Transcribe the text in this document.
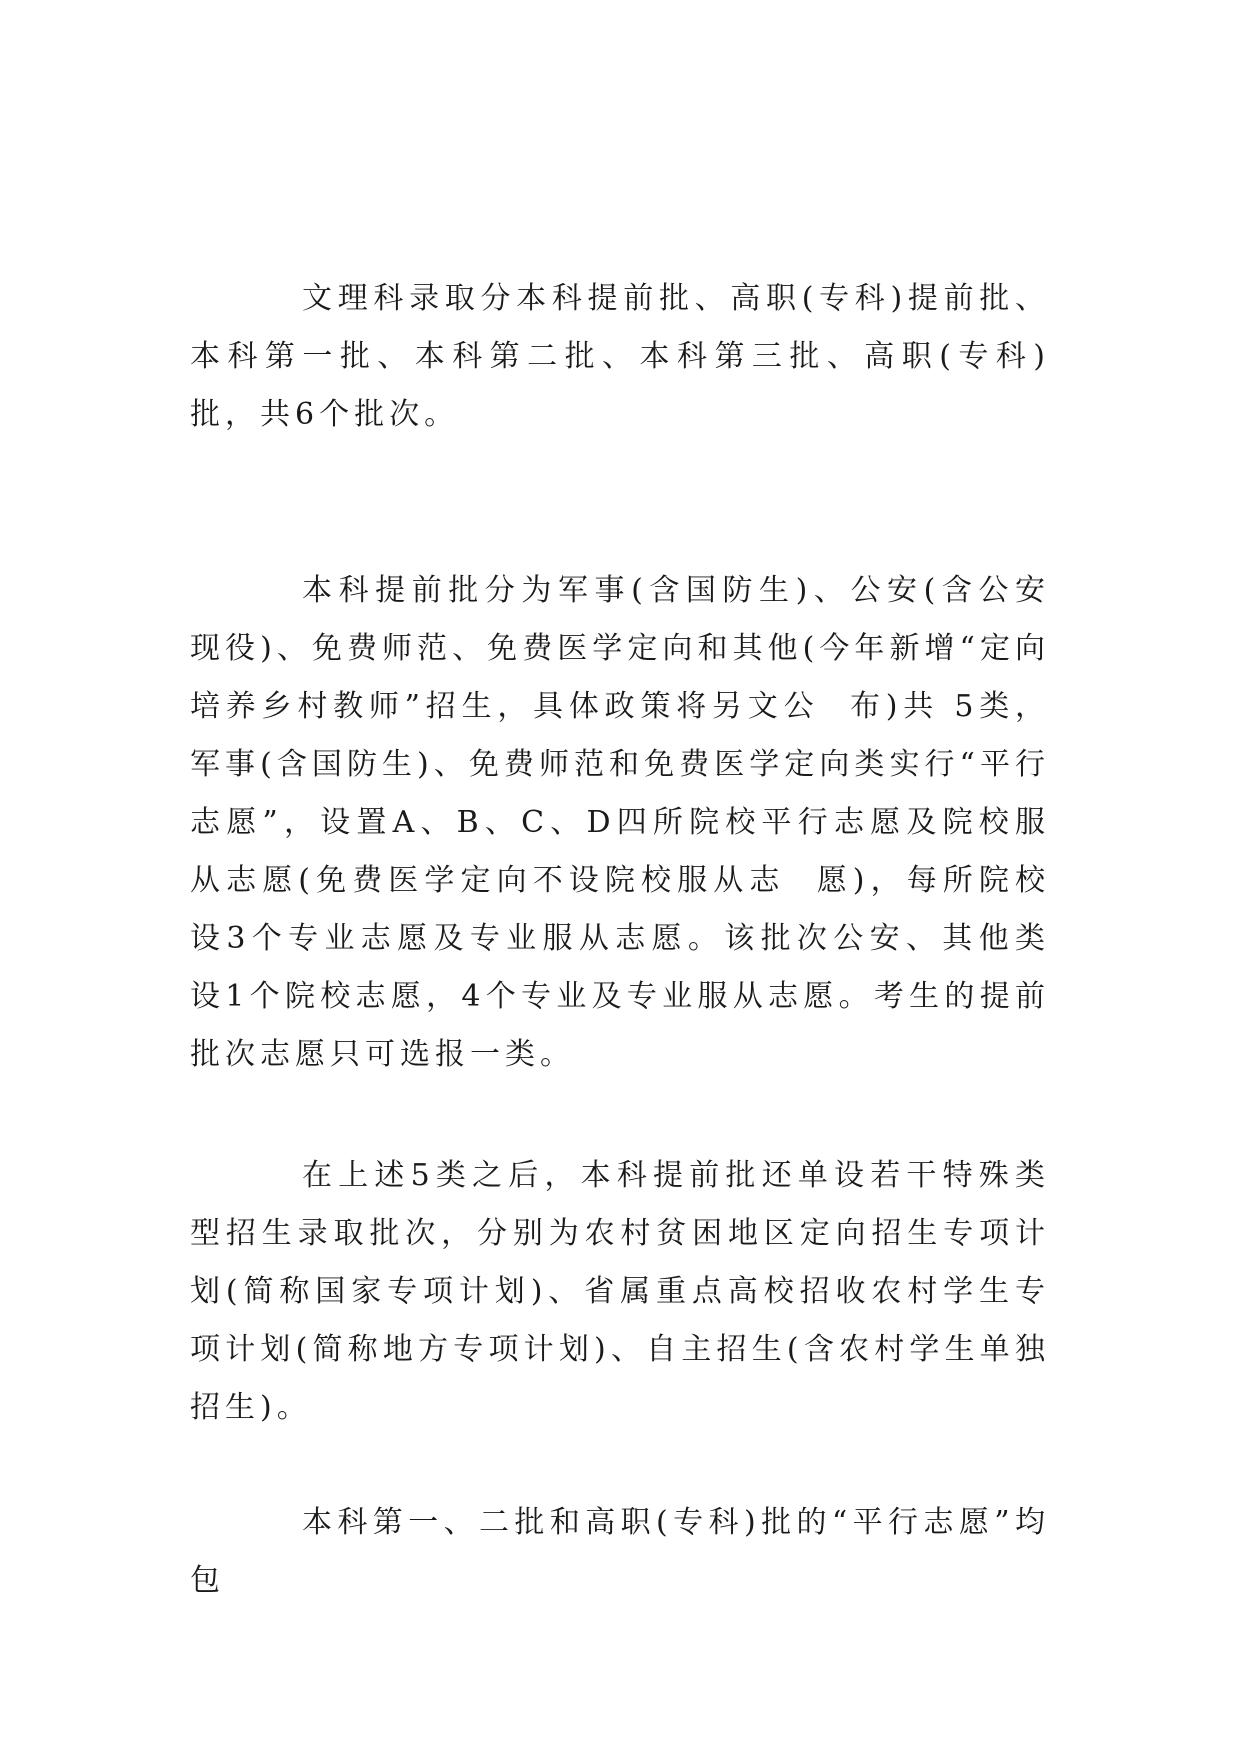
文理科录取分本科提前批、高职(专科)提前批、本科第一批、本科第二批、本科第三批、高职(专科)批，共6个批次。

本科提前批分为军事(含国防生)、公安(含公安现役)、免费师范、免费医学定向和其他(今年新增“定向培养乡村教师”招生，具体政策将另文公  布)共 5类，军事(含国防生)、免费师范和免费医学定向类实行“平行志愿”，设置A、B、C、D四所院校平行志愿及院校服从志愿(免费医学定向不设院校服从志  愿)，每所院校设3个专业志愿及专业服从志愿。该批次公安、其他类设1个院校志愿，4个专业及专业服从志愿。考生的提前批次志愿只可选报一类。

在上述5类之后，本科提前批还单设若干特殊类型招生录取批次，分别为农村贫困地区定向招生专项计划(简称国家专项计划)、省属重点高校招收农村学生专项计划(简称地方专项计划)、自主招生(含农村学生单独招生)。

本科第一、二批和高职(专科)批的“平行志愿”均包
